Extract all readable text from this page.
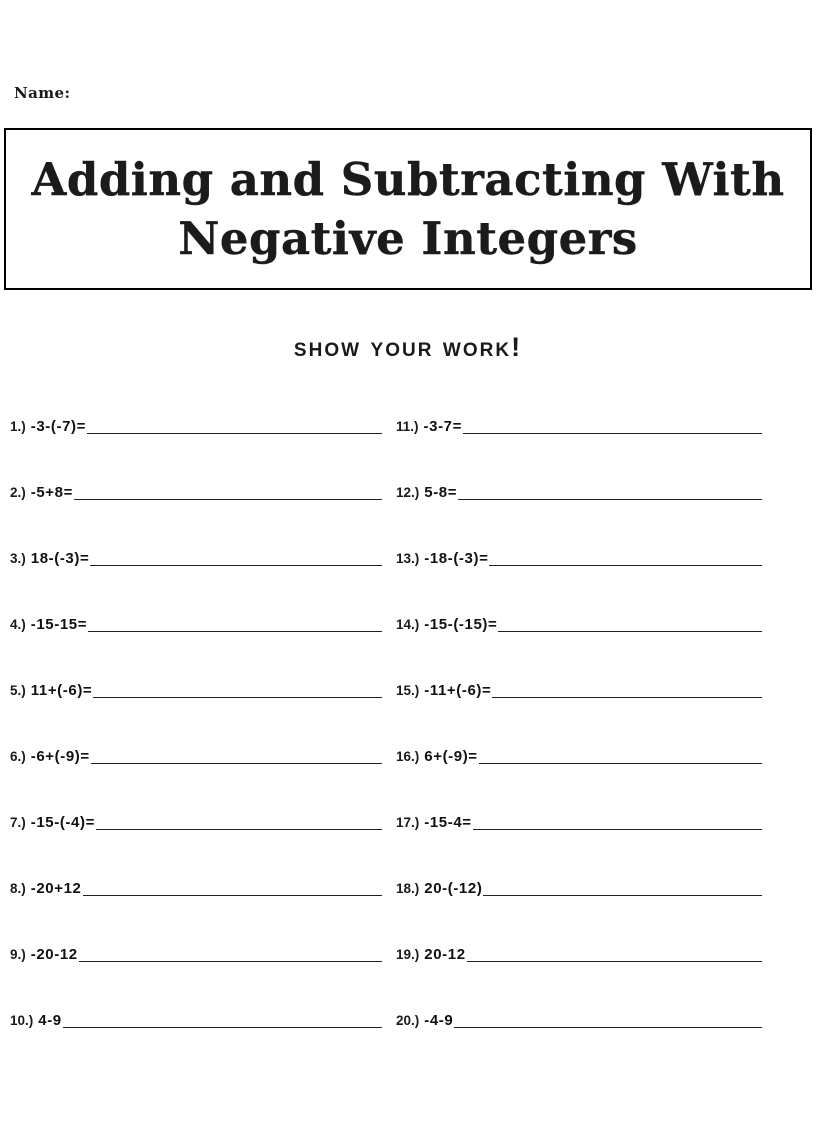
Name:
Adding and Subtracting With Negative Integers
show your work!
1.) -3-(-7)=
2.) -5+8=
3.) 18-(-3)=
4.) -15-15=
5.) 11+(-6)=
6.) -6+(-9)=
7.) -15-(-4)=
8.) -20+12
9.) -20-12
10.) 4-9
11.) -3-7=
12.) 5-8=
13.) -18-(-3)=
14.) -15-(-15)=
15.) -11+(-6)=
16.) 6+(-9)=
17.) -15-4=
18.) 20-(-12)
19.) 20-12
20.) -4-9
